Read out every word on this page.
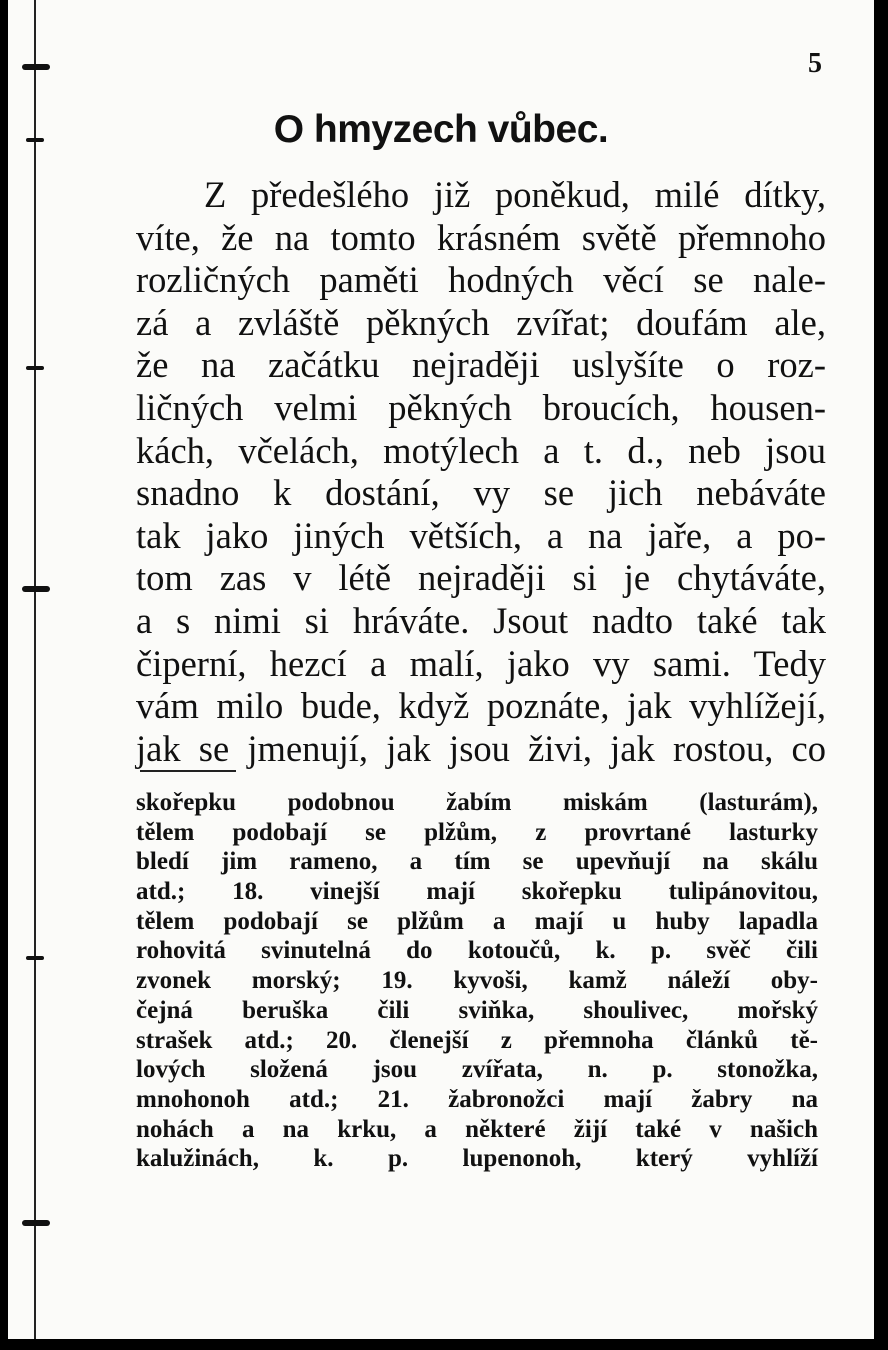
5
O hmyzech vůbec.
Z předešlého již poněkud, milé dítky,
víte, že na tomto krásném světě přemnoho
rozličných paměti hodných věcí se nale-
zá a zvláště pěkných zvířat; doufám ale,
že na začátku nejraději uslyšíte o roz-
ličných velmi pěkných broucích, housen-
kách, včelách, motýlech a t. d., neb jsou
snadno k dostání, vy se jich nebáváte
tak jako jiných větších, a na jaře, a po-
tom zas v létě nejraději si je chytáváte,
a s nimi si hráváte. Jsout nadto také tak
čiperní, hezcí a malí, jako vy sami. Tedy
vám milo bude, když poznáte, jak vyhlížejí,
jak se jmenují, jak jsou živi, jak rostou, co
skořepku podobnou žabím miskám (lasturám),
tělem podobají se plžům, z provrtané lasturky
bledí jim rameno, a tím se upevňují na skálu
atd.; 18. vinejší mají skořepku tulipánovitou,
tělem podobají se plžům a mají u huby lapadla
rohovitá svinutelná do kotoučů, k. p. svěč čili
zvonek morský; 19. kyvoši, kamž náleží oby-
čejná beruška čili sviňka, shoulivec, mořský
strašek atd.; 20. členejší z přemnoha článků tě-
lových složená jsou zvířata, n. p. stonožka,
mnohonoh atd.; 21. žabronožci mají žabry na
nohách a na krku, a některé žijí také v našich
kalužinách, k. p. lupenonoh, který vyhlíží
